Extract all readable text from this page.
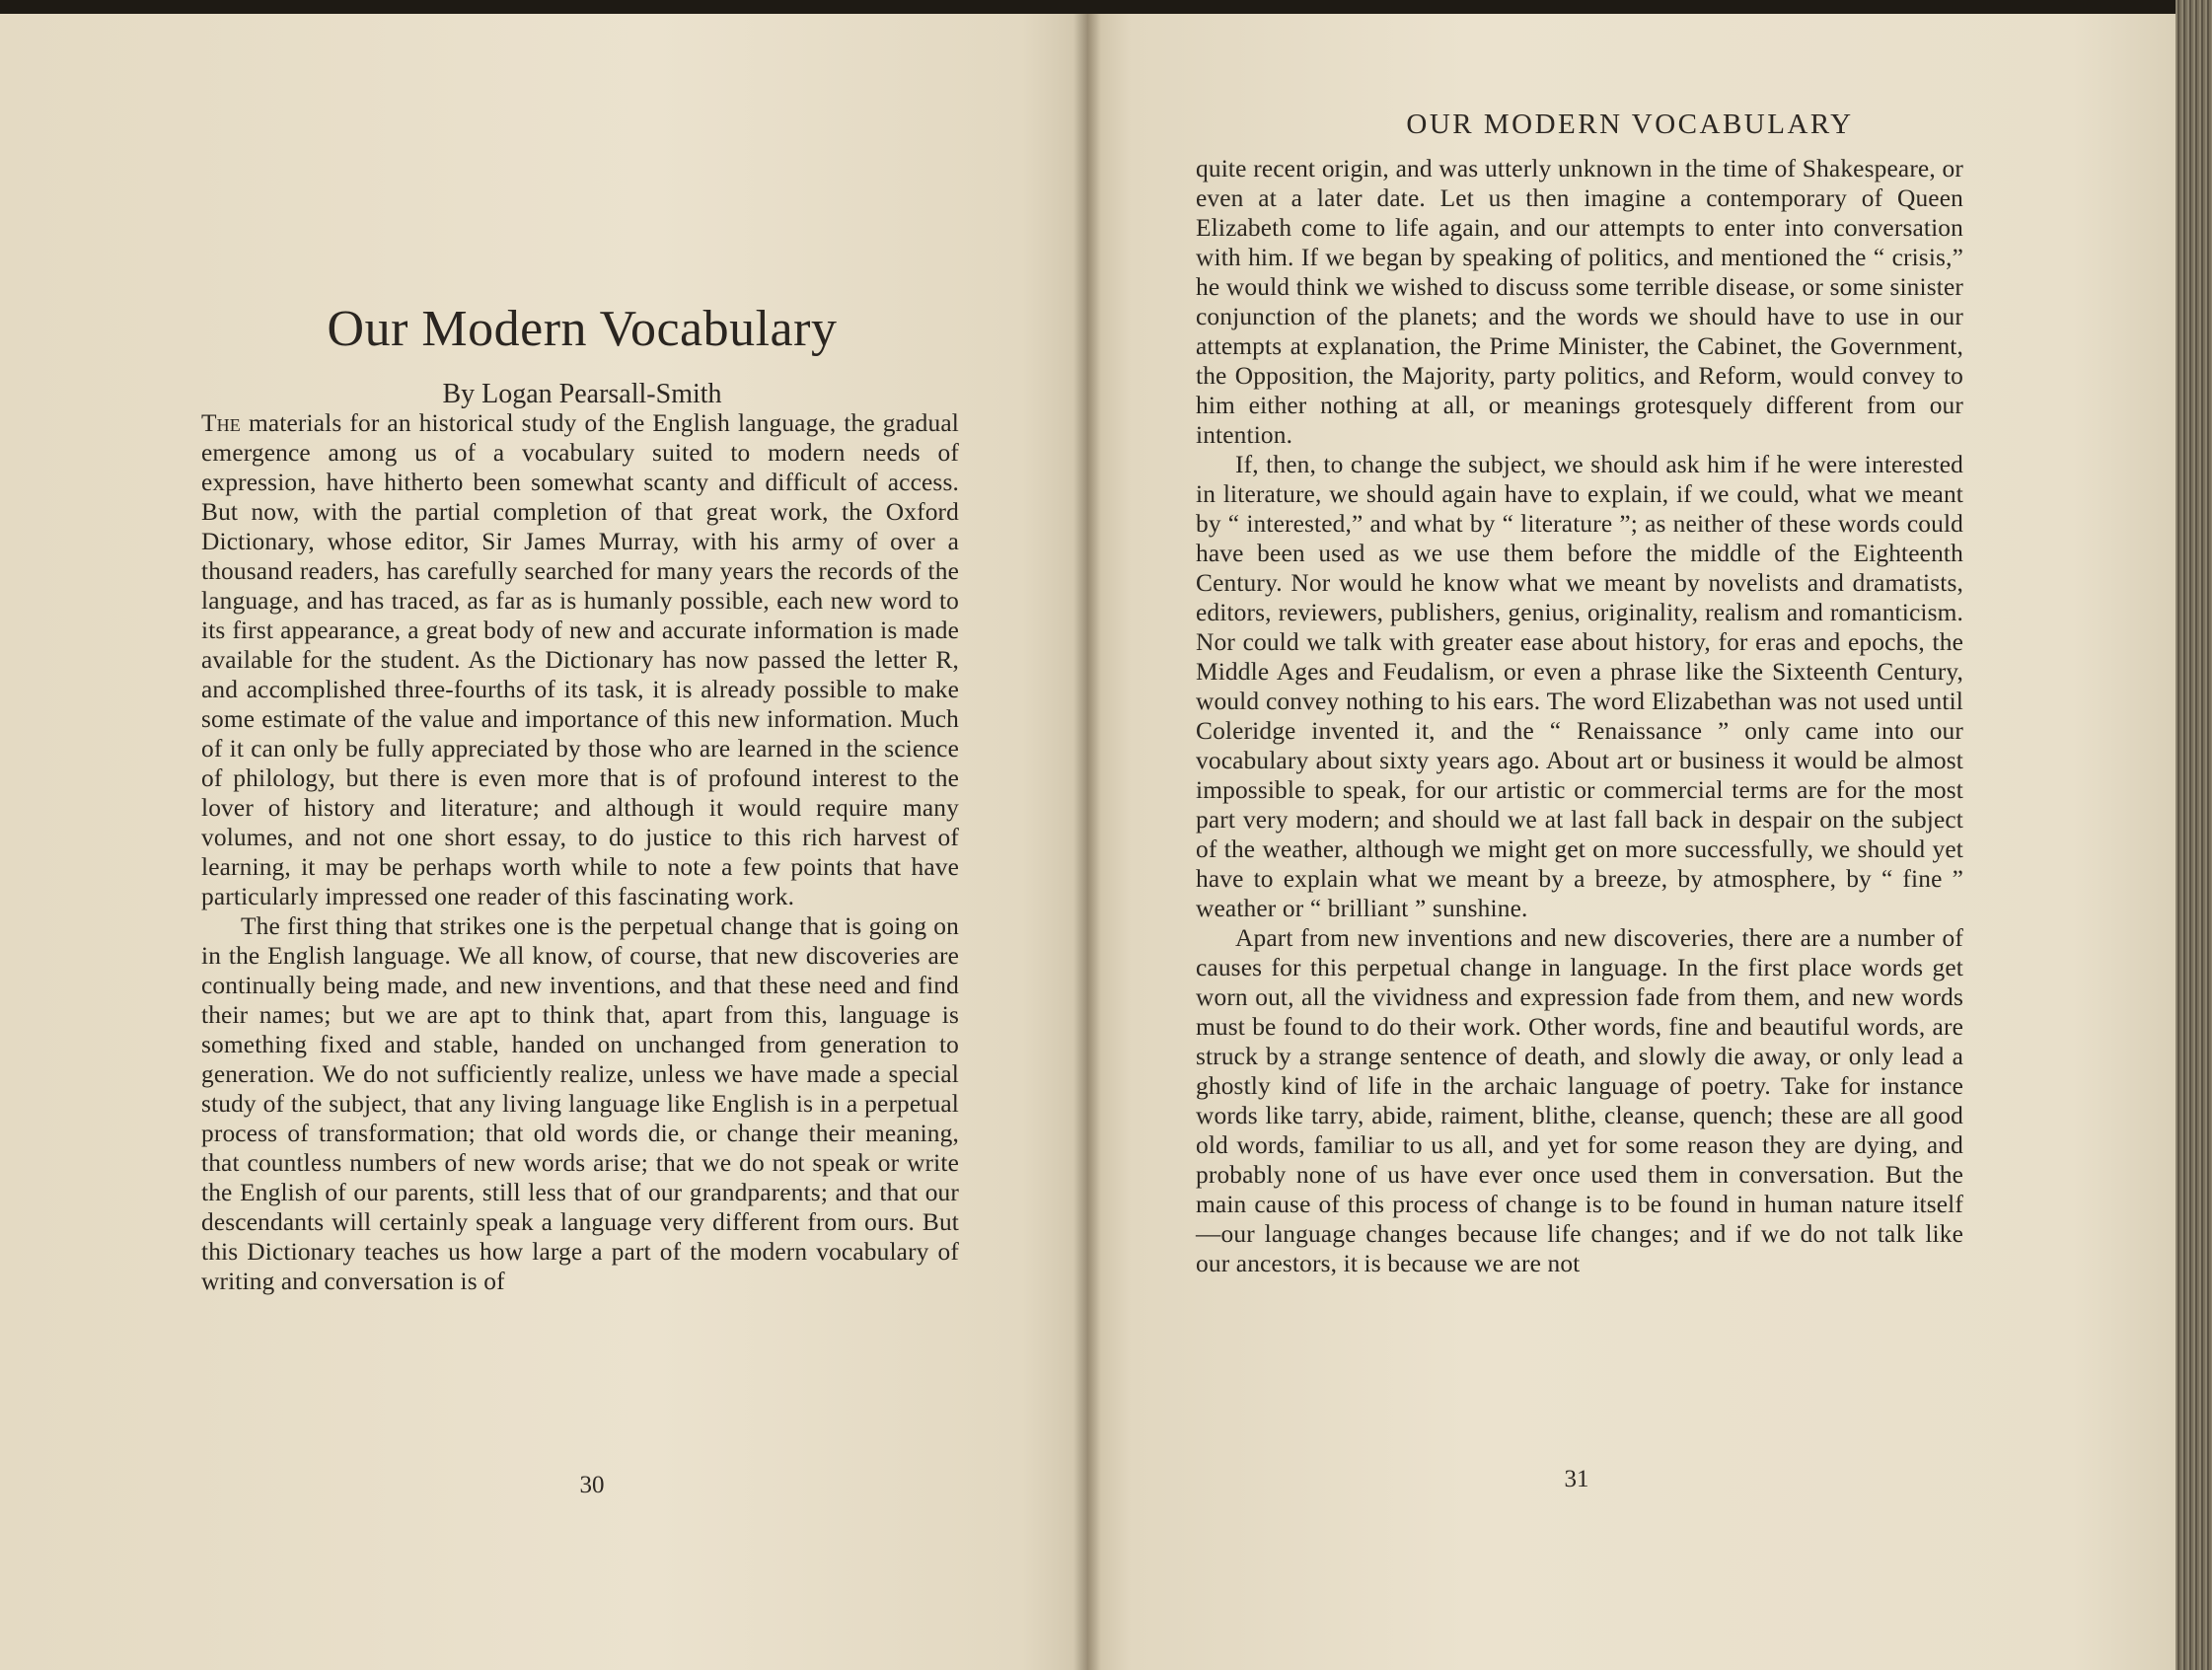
Our Modern Vocabulary

By Logan Pearsall-Smith

The materials for an historical study of the English language, the gradual emergence among us of a vocabulary suited to modern needs of expression, have hitherto been somewhat scanty and difficult of access. But now, with the partial completion of that great work, the Oxford Dictionary, whose editor, Sir James Murray, with his army of over a thousand readers, has carefully searched for many years the records of the language, and has traced, as far as is humanly possible, each new word to its first appearance, a great body of new and accurate information is made available for the student. As the Dictionary has now passed the letter R, and accomplished three-fourths of its task, it is already possible to make some estimate of the value and importance of this new information. Much of it can only be fully appreciated by those who are learned in the science of philology, but there is even more that is of profound interest to the lover of history and literature; and although it would require many volumes, and not one short essay, to do justice to this rich harvest of learning, it may be perhaps worth while to note a few points that have particularly impressed one reader of this fascinating work.

The first thing that strikes one is the perpetual change that is going on in the English language. We all know, of course, that new discoveries are continually being made, and new inventions, and that these need and find their names; but we are apt to think that, apart from this, language is something fixed and stable, handed on unchanged from generation to generation. We do not sufficiently realize, unless we have made a special study of the subject, that any living language like English is in a perpetual process of transformation; that old words die, or change their meaning, that countless numbers of new words arise; that we do not speak or write the English of our parents, still less that of our grandparents; and that our descendants will certainly speak a language very different from ours. But this Dictionary teaches us how large a part of the modern vocabulary of writing and conversation is of

30
OUR MODERN VOCABULARY

quite recent origin, and was utterly unknown in the time of Shakespeare, or even at a later date. Let us then imagine a contemporary of Queen Elizabeth come to life again, and our attempts to enter into conversation with him. If we began by speaking of politics, and mentioned the “ crisis,” he would think we wished to discuss some terrible disease, or some sinister conjunction of the planets; and the words we should have to use in our attempts at explanation, the Prime Minister, the Cabinet, the Government, the Opposition, the Majority, party politics, and Reform, would convey to him either nothing at all, or meanings grotesquely different from our intention.

If, then, to change the subject, we should ask him if he were interested in literature, we should again have to explain, if we could, what we meant by “ interested,” and what by “ literature ”; as neither of these words could have been used as we use them before the middle of the Eighteenth Century. Nor would he know what we meant by novelists and dramatists, editors, reviewers, publishers, genius, originality, realism and romanticism. Nor could we talk with greater ease about history, for eras and epochs, the Middle Ages and Feudalism, or even a phrase like the Sixteenth Century, would convey nothing to his ears. The word Elizabethan was not used until Coleridge invented it, and the “ Renaissance ” only came into our vocabulary about sixty years ago. About art or business it would be almost impossible to speak, for our artistic or commercial terms are for the most part very modern; and should we at last fall back in despair on the subject of the weather, although we might get on more successfully, we should yet have to explain what we meant by a breeze, by atmosphere, by “ fine ” weather or “ brilliant ” sunshine.

Apart from new inventions and new discoveries, there are a number of causes for this perpetual change in language. In the first place words get worn out, all the vividness and expression fade from them, and new words must be found to do their work. Other words, fine and beautiful words, are struck by a strange sentence of death, and slowly die away, or only lead a ghostly kind of life in the archaic language of poetry. Take for instance words like tarry, abide, raiment, blithe, cleanse, quench; these are all good old words, familiar to us all, and yet for some reason they are dying, and probably none of us have ever once used them in conversation. But the main cause of this process of change is to be found in human nature itself—our language changes because life changes; and if we do not talk like our ancestors, it is because we are not

31
